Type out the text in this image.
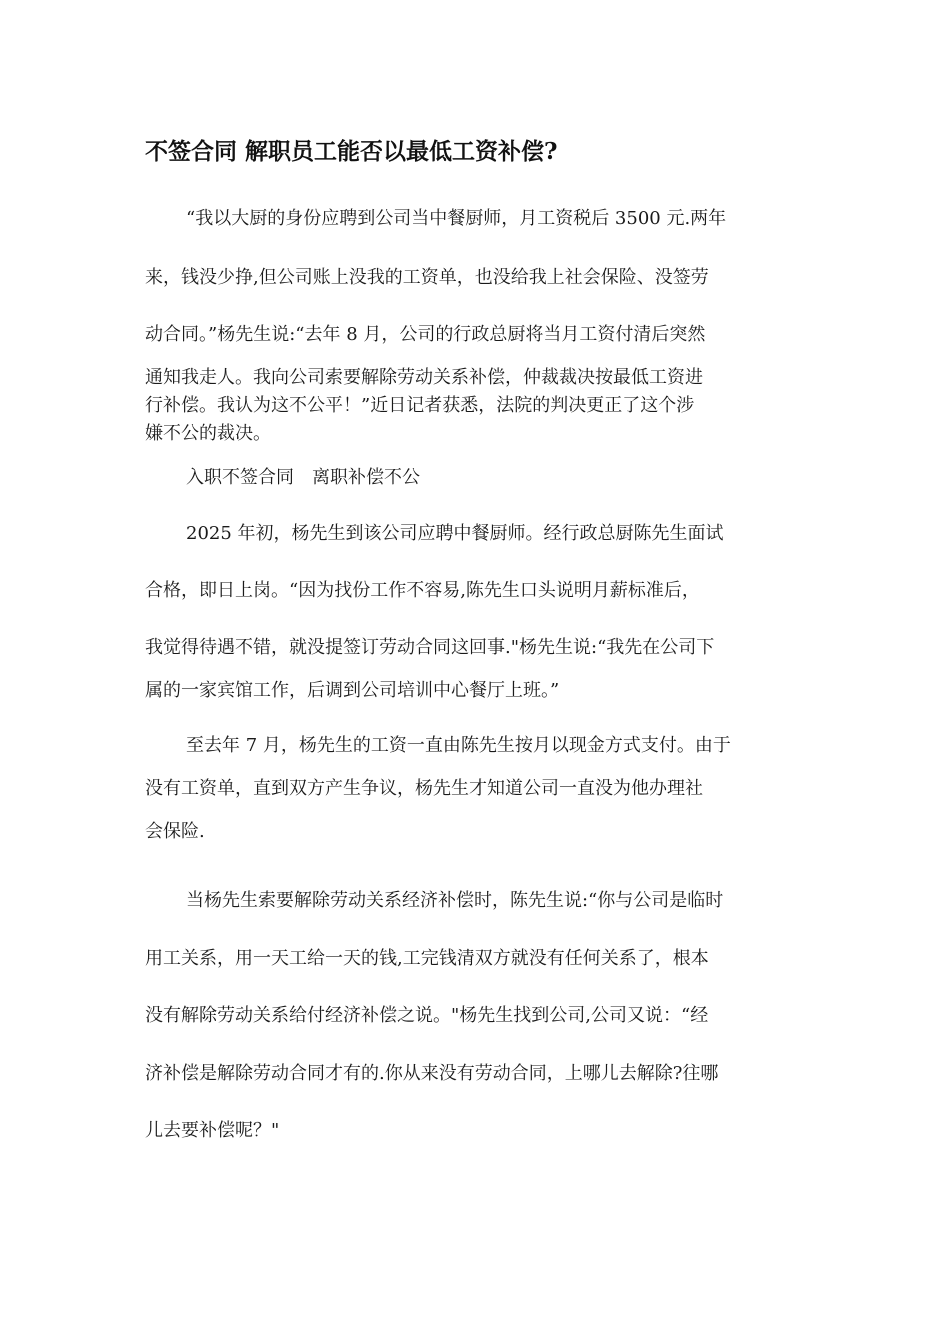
不签合同 解职员工能否以最低工资补偿?

“我以大厨的身份应聘到公司当中餐厨师，月工资税后 3500 元.两年

来，钱没少挣,但公司账上没我的工资单，也没给我上社会保险、没签劳

动合同。”杨先生说:“去年 8 月，公司的行政总厨将当月工资付清后突然

通知我走人。我向公司索要解除劳动关系补偿，仲裁裁决按最低工资进

行补偿。我认为这不公平！”近日记者获悉，法院的判决更正了这个涉

嫌不公的裁决。

入职不签合同　离职补偿不公

2025 年初，杨先生到该公司应聘中餐厨师。经行政总厨陈先生面试

合格，即日上岗。“因为找份工作不容易,陈先生口头说明月薪标准后，

我觉得待遇不错，就没提签订劳动合同这回事."杨先生说:“我先在公司下

属的一家宾馆工作，后调到公司培训中心餐厅上班。”

至去年 7 月，杨先生的工资一直由陈先生按月以现金方式支付。由于

没有工资单，直到双方产生争议，杨先生才知道公司一直没为他办理社

会保险.

当杨先生索要解除劳动关系经济补偿时，陈先生说:“你与公司是临时

用工关系，用一天工给一天的钱,工完钱清双方就没有任何关系了，根本

没有解除劳动关系给付经济补偿之说。"杨先生找到公司,公司又说：“经

济补偿是解除劳动合同才有的.你从来没有劳动合同，上哪儿去解除?往哪

儿去要补偿呢？"
